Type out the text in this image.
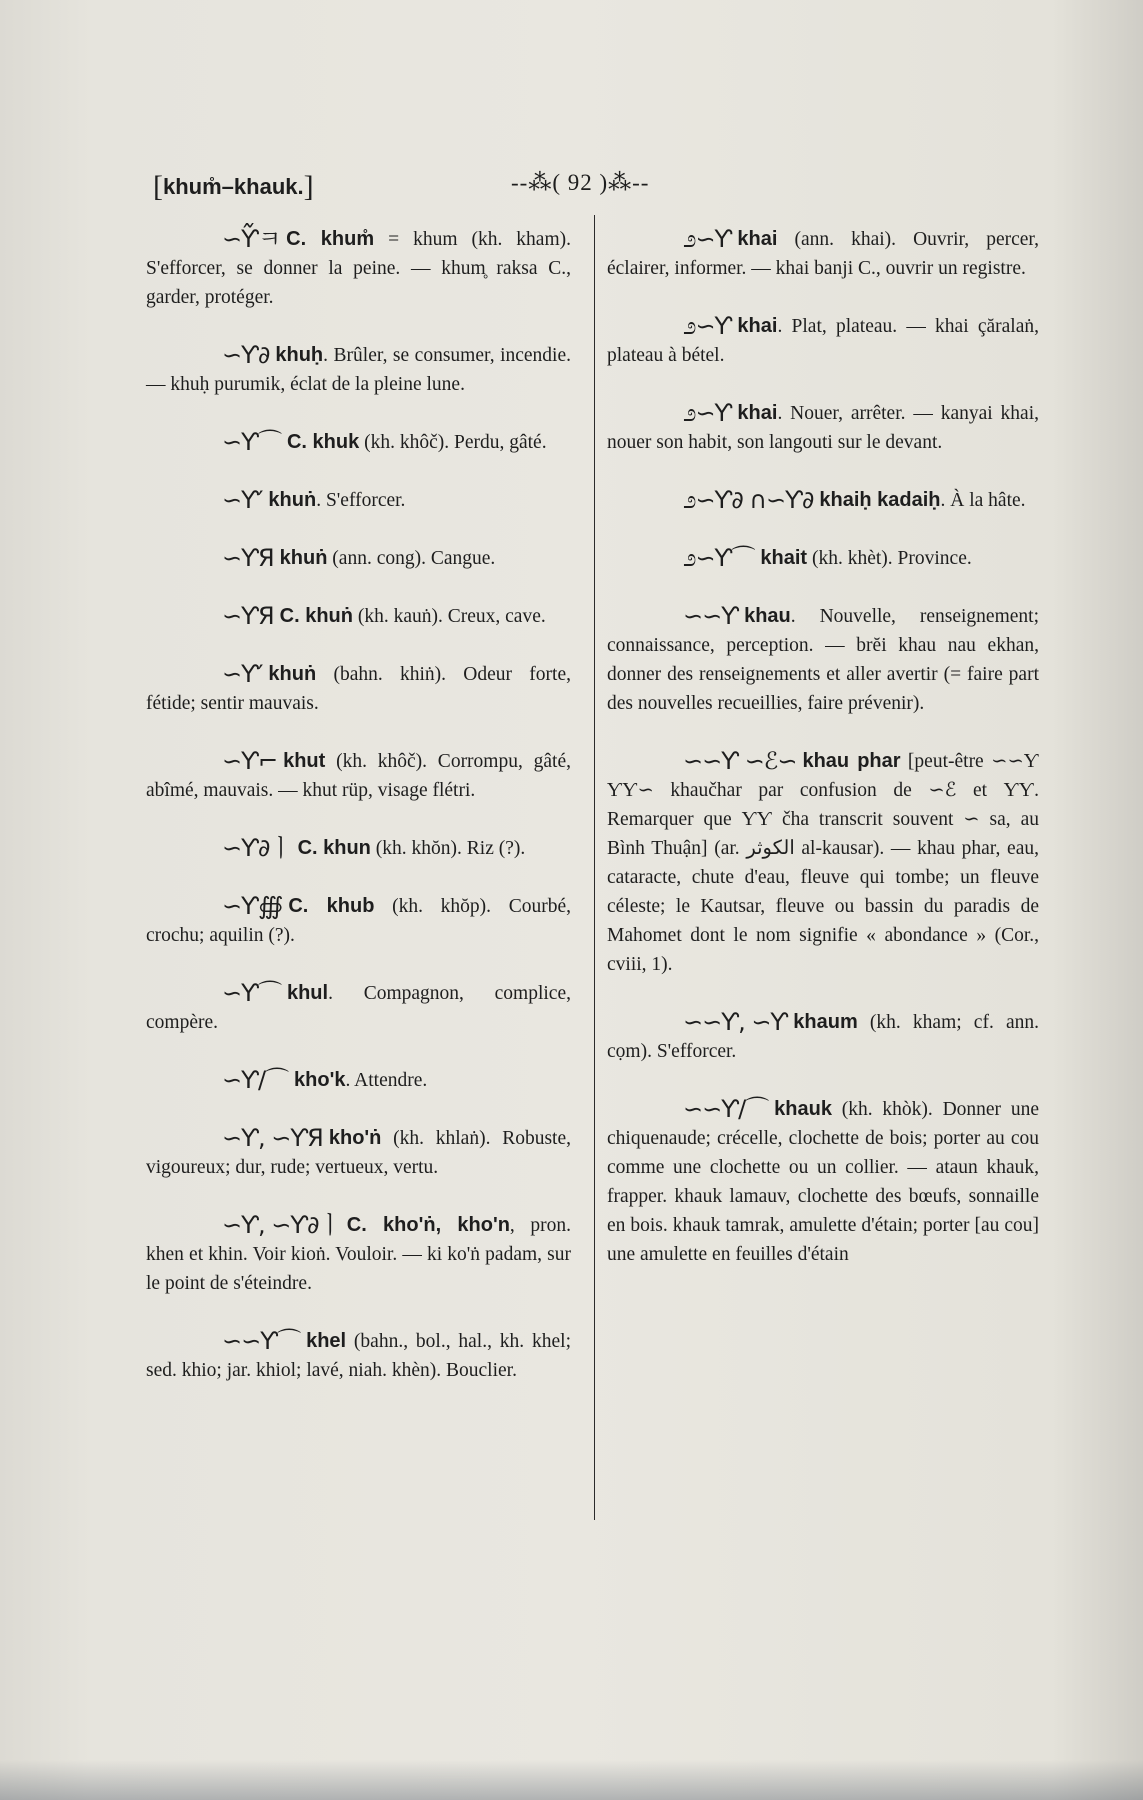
[khum̊–khauk.]	--⁂( 92 )⁂--
∽Ƴ᷉ㅋ C. khum̊ = khum (kh. kham). S'efforcer, se donner la peine. — khum̥ raksa C., garder, protéger.
∽Ƴ∂ khuḥ. Brûler, se consumer, incendie. — khuḥ purumik, éclat de la pleine lune.
∽Ƴ⌒ C. khuk (kh. khôč). Perdu, gâté.
∽Ƴ′ khuṅ. S'efforcer.
∽ƳЯ khuṅ (ann. cong). Cangue.
∽ƳЯ C. khuṅ (kh. kauṅ). Creux, cave.
∽Ƴ′ khuṅ (bahn. khiṅ). Odeur forte, fétide; sentir mauvais.
∽Ƴ⌐ khut (kh. khôč). Corrompu, gâté, abîmé, mauvais. — khut rüp, visage flétri.
∽Ƴ∂ㅣ C. khun (kh. khŏn). Riz (?).
∽Ƴ∰ C. khub (kh. khŏp). Courbé, crochu; aquilin (?).
∽Ƴ⌒ khul. Compagnon, complice, compère.
∽Ƴ/⌒ kho'k. Attendre.
∽Ƴ, ∽ƳЯ kho'ṅ (kh. khlaṅ). Robuste, vigoureux; dur, rude; vertueux, vertu.
∽Ƴ, ∽Ƴ∂ㅣ C. kho'ṅ, kho'n, pron. khen et khin. Voir kioṅ. Vouloir. — ki ko'ṅ padam, sur le point de s'éteindre.
∽∽Ƴ⌒ khel (bahn., bol., hal., kh. khel; sed. khio; jar. khiol; lavé, niah. khèn). Bouclier.
೨∽Ƴ khai (ann. khai). Ouvrir, percer, éclairer, informer. — khai banji C., ouvrir un registre.
೨∽Ƴ khai. Plat, plateau. — khai çăralaṅ, plateau à bétel.
೨∽Ƴ khai. Nouer, arrêter. — kanyai khai, nouer son habit, son langouti sur le devant.
೨∽Ƴ∂ ∩∽Ƴ∂ khaiḥ kadaiḥ. À la hâte.
೨∽Ƴ⌒ khait (kh. khèt). Province.
∽∽Ƴ khau. Nouvelle, renseignement; connaissance, perception. — brĕi khau nau ekhan, donner des renseignements et aller avertir (= faire part des nouvelles recueillies, faire prévenir).
∽∽Ƴ ∽ℰ∽ khau phar [peut-être ∽∽Ƴ ƳƳ∽ khaučhar par confusion de ∽ℰ et ƳƳ. Remarquer que ƳƳ čha transcrit souvent ∽ sa, au Bình Thuận] (ar. الكوثر al-kausar). — khau phar, eau, cataracte, chute d'eau, fleuve qui tombe; un fleuve céleste; le Kautsar, fleuve ou bassin du paradis de Mahomet dont le nom signifie « abondance » (Cor., cviii, 1).
∽∽Ƴ, ∽Ƴ khaum (kh. kham; cf. ann. cọm). S'efforcer.
∽∽Ƴ/⌒ khauk (kh. khòk). Donner une chiquenaude; crécelle, clochette de bois; porter au cou comme une clochette ou un collier. — ataun khauk, frapper. khauk lamauv, clochette des bœufs, sonnaille en bois. khauk tamrak, amulette d'étain; porter [au cou] une amulette en feuilles d'étain
